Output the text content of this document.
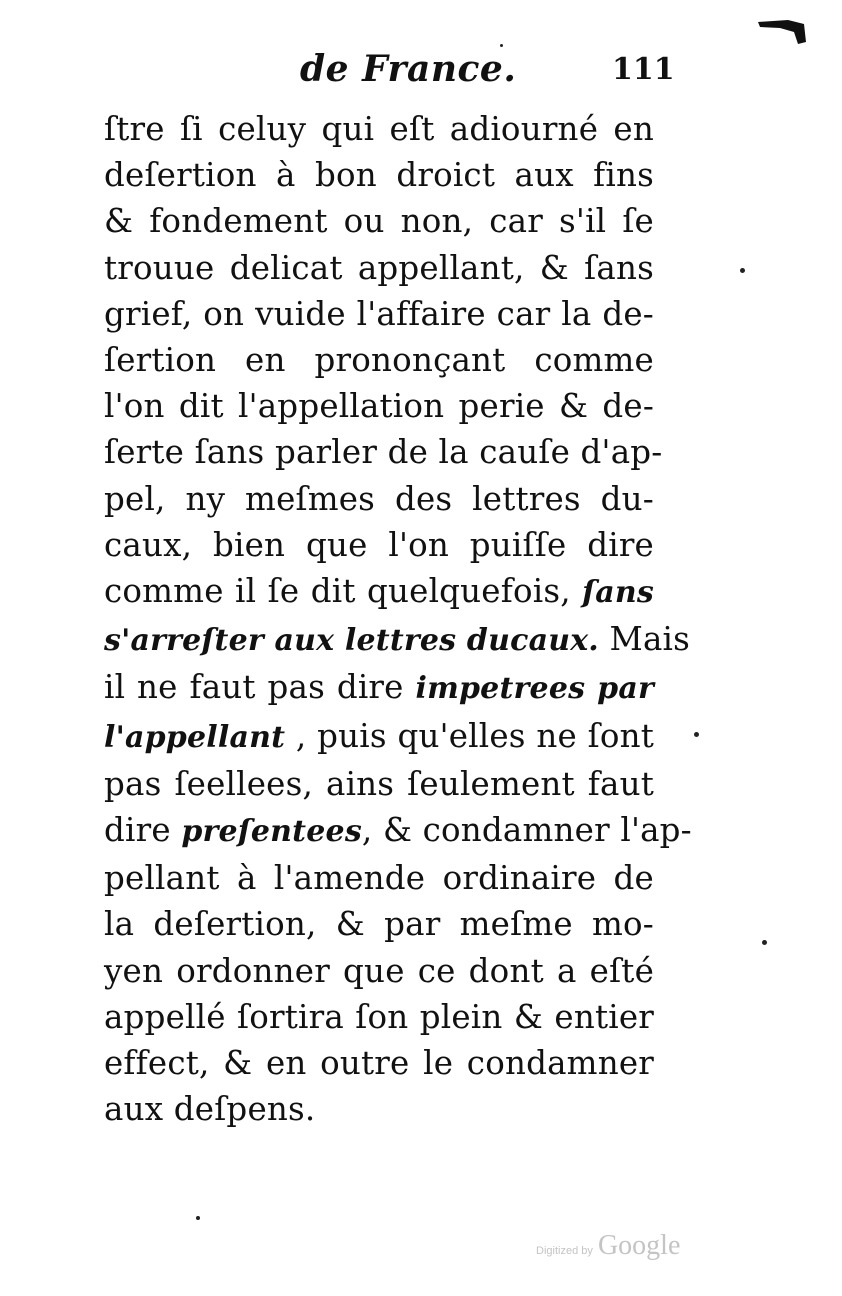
de France.	111
ſtre ſi celuy qui eſt adiourné en
deſertion à bon droict aux fins
& fondement ou non, car s'il ſe
trouue delicat appellant, & ſans
grief, on vuide l'affaire car la de-
ſertion en prononçant comme
l'on dit l'appellation perie & de-
ſerte ſans parler de la cauſe d'ap-
pel, ny meſmes des lettres du-
caux, bien que l'on puiſſe dire
comme il ſe dit quelquefois, ſans
s'arreſter aux lettres ducaux. Mais
il ne faut pas dire impetrees par
l'appellant , puis qu'elles ne ſont
pas ſeellees, ains ſeulement faut
dire preſentees, & condamner l'ap-
pellant à l'amende ordinaire de
la deſertion, & par meſme mo-
yen ordonner que ce dont a eſté
appellé ſortira ſon plein & entier
effect, & en outre le condamner
aux deſpens.
Digitized by Google
